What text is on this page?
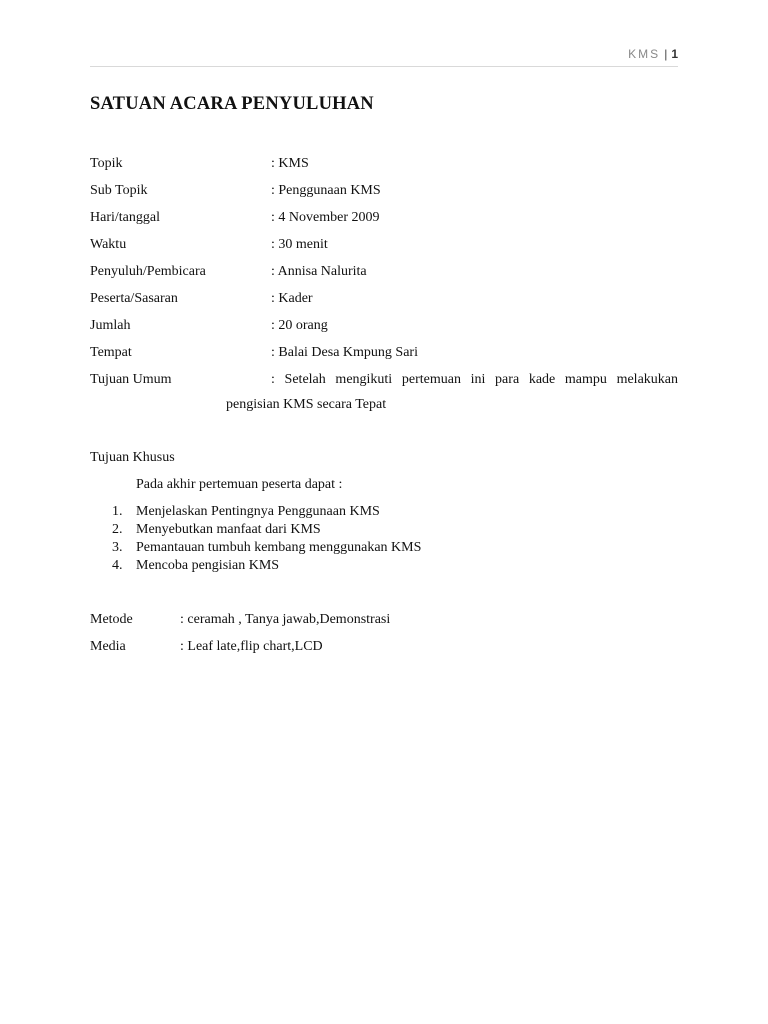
KMS | 1
SATUAN ACARA PENYULUHAN
Topik	: KMS
Sub Topik	: Penggunaan KMS
Hari/tanggal	: 4 November 2009
Waktu	: 30 menit
Penyuluh/Pembicara	: Annisa Nalurita
Peserta/Sasaran	: Kader
Jumlah	: 20 orang
Tempat	: Balai Desa Kmpung Sari
Tujuan Umum	: Setelah mengikuti pertemuan ini para kade mampu melakukan
pengisian KMS secara Tepat
Tujuan Khusus
Pada akhir pertemuan peserta dapat :
1. Menjelaskan Pentingnya Penggunaan KMS
2. Menyebutkan manfaat dari KMS
3. Pemantauan tumbuh kembang menggunakan KMS
4. Mencoba pengisian KMS
Metode	: ceramah , Tanya jawab,Demonstrasi
Media	: Leaf late,flip chart,LCD
